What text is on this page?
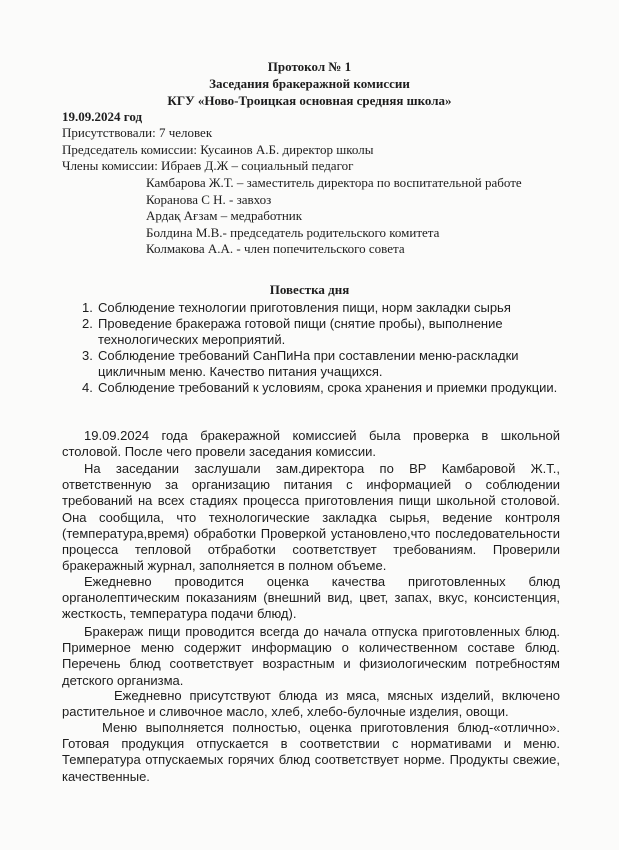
Протокол № 1
Заседания бракеражной комиссии
КГУ «Ново-Троицкая основная средняя школа»
19.09.2024 год
Присутствовали: 7 человек
Председатель комиссии: Кусаинов А.Б. директор школы
Члены комиссии: Ибраев Д.Ж – социальный педагог
Камбарова Ж.Т. – заместитель директора по воспитательной работе
Коранова С Н. - завхоз
Ардақ Ағзам – медработник
Болдина М.В.- председатель родительского комитета
Колмакова А.А. - член попечительского совета
Повестка дня
1. Соблюдение технологии приготовления пищи, норм закладки сырья
2. Проведение бракеража готовой пищи (снятие пробы), выполнение технологических мероприятий.
3. Соблюдение требований СанПиНа при составлении меню-раскладки цикличным меню. Качество питания учащихся.
4. Соблюдение требований к условиям, срока хранения и приемки продукции.
19.09.2024 года бракеражной комиссией была проверка в школьной столовой. После чего провели заседания комиссии.
На заседании заслушали зам.директора по ВР Камбаровой Ж.Т., ответственную за организацию питания с информацией о соблюдении требований на всех стадиях процесса приготовления пищи школьной столовой. Она сообщила, что технологические закладка сырья, ведение контроля (температура,время) обработки Проверкой установлено,что последовательности процесса тепловой отбработки соответствует требованиям. Проверили бракеражный журнал, заполняется в полном объеме.
Ежедневно проводится оценка качества приготовленных блюд органолептическим показаниям (внешний вид, цвет, запах, вкус, консистенция, жесткость, температура подачи блюд).
Бракераж пищи проводится всегда до начала отпуска приготовленных блюд. Примерное меню содержит информацию о количественном составе блюд. Перечень блюд соответствует возрастным и физиологическим потребностям детского организма.
Ежедневно присутствуют блюда из мяса, мясных изделий, включено растительное и сливочное масло, хлеб, хлебо-булочные изделия, овощи.
Меню выполняется полностью, оценка приготовления блюд-«отлично». Готовая продукция отпускается в соответствии с нормативами и меню. Температура отпускаемых горячих блюд соответствует норме. Продукты свежие, качественные.
